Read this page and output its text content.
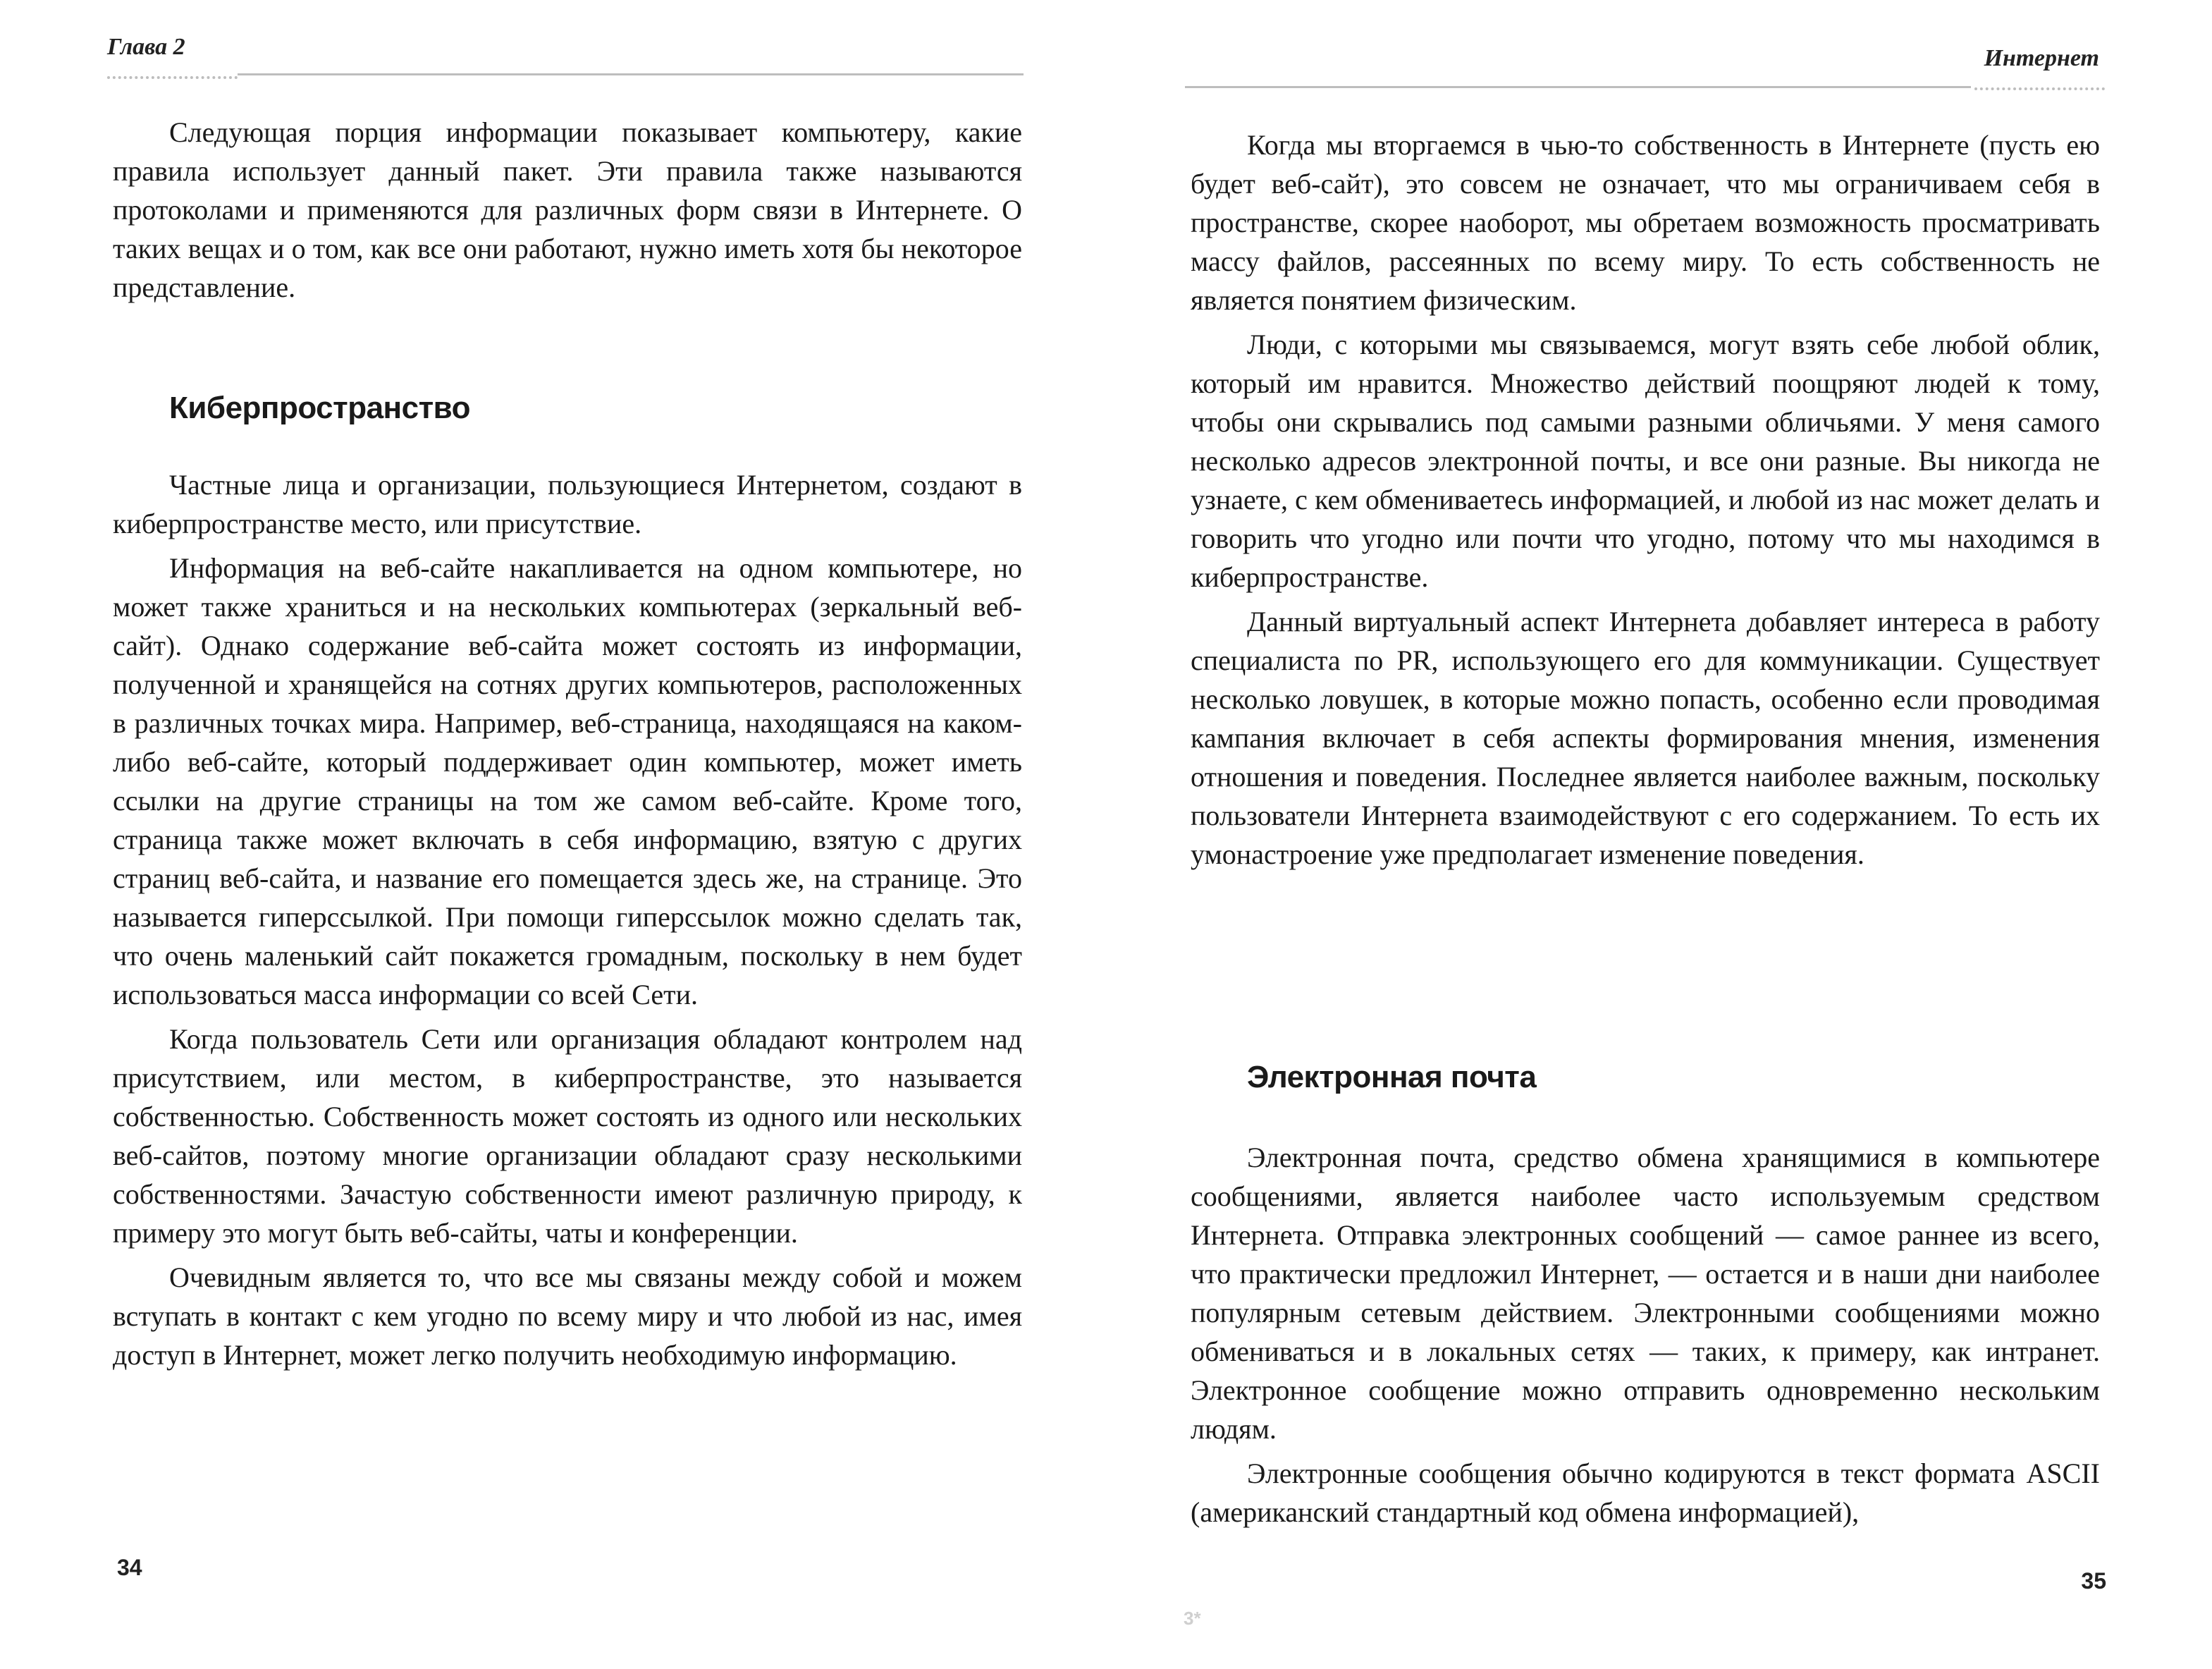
Глава 2

Следующая порция информации показывает компьютеру, какие правила использует данный пакет. Эти правила также называются протоколами и применяются для различных форм связи в Интернете. О таких вещах и о том, как все они работают, нужно иметь хотя бы некоторое представление.

Киберпространство

Частные лица и организации, пользующиеся Интернетом, создают в киберпространстве место, или присутствие.

Информация на веб-сайте накапливается на одном компьютере, но может также храниться и на нескольких компьютерах (зеркальный веб-сайт). Однако содержание веб-сайта может состоять из информации, полученной и хранящейся на сотнях других компьютеров, расположенных в различных точках мира. Например, веб-страница, находящаяся на каком-либо веб-сайте, который поддерживает один компьютер, может иметь ссылки на другие страницы на том же самом веб-сайте. Кроме того, страница также может включать в себя информацию, взятую с других страниц веб-сайта, и название его помещается здесь же, на странице. Это называется гиперссылкой. При помощи гиперссылок можно сделать так, что очень маленький сайт покажется громадным, поскольку в нем будет использоваться масса информации со всей Сети.

Когда пользователь Сети или организация обладают контролем над присутствием, или местом, в киберпространстве, это называется собственностью. Собственность может состоять из одного или нескольких веб-сайтов, поэтому многие организации обладают сразу несколькими собственностями. Зачастую собственности имеют различную природу, к примеру это могут быть веб-сайты, чаты и конференции.

Очевидным является то, что все мы связаны между собой и можем вступать в контакт с кем угодно по всему миру и что любой из нас, имея доступ в Интернет, может легко получить необходимую информацию.

34
Интернет

Когда мы вторгаемся в чью-то собственность в Интернете (пусть ею будет веб-сайт), это совсем не означает, что мы ограничиваем себя в пространстве, скорее наоборот, мы обретаем возможность просматривать массу файлов, рассеянных по всему миру. То есть собственность не является понятием физическим.

Люди, с которыми мы связываемся, могут взять себе любой облик, который им нравится. Множество действий поощряют людей к тому, чтобы они скрывались под самыми разными обличьями. У меня самого несколько адресов электронной почты, и все они разные. Вы никогда не узнаете, с кем обмениваетесь информацией, и любой из нас может делать и говорить что угодно или почти что угодно, потому что мы находимся в киберпространстве.

Данный виртуальный аспект Интернета добавляет интереса в работу специалиста по PR, использующего его для коммуникации. Существует несколько ловушек, в которые можно попасть, особенно если проводимая кампания включает в себя аспекты формирования мнения, изменения отношения и поведения. Последнее является наиболее важным, поскольку пользователи Интернета взаимодействуют с его содержанием. То есть их умонастроение уже предполагает изменение поведения.

Электронная почта

Электронная почта, средство обмена хранящимися в компьютере сообщениями, является наиболее часто используемым средством Интернета. Отправка электронных сообщений — самое раннее из всего, что практически предложил Интернет, — остается и в наши дни наиболее популярным сетевым действием. Электронными сообщениями можно обмениваться и в локальных сетях — таких, к примеру, как интранет. Электронное сообщение можно отправить одновременно нескольким людям.

Электронные сообщения обычно кодируются в текст формата ASCII (американский стандартный код обмена информацией),

35
3*
